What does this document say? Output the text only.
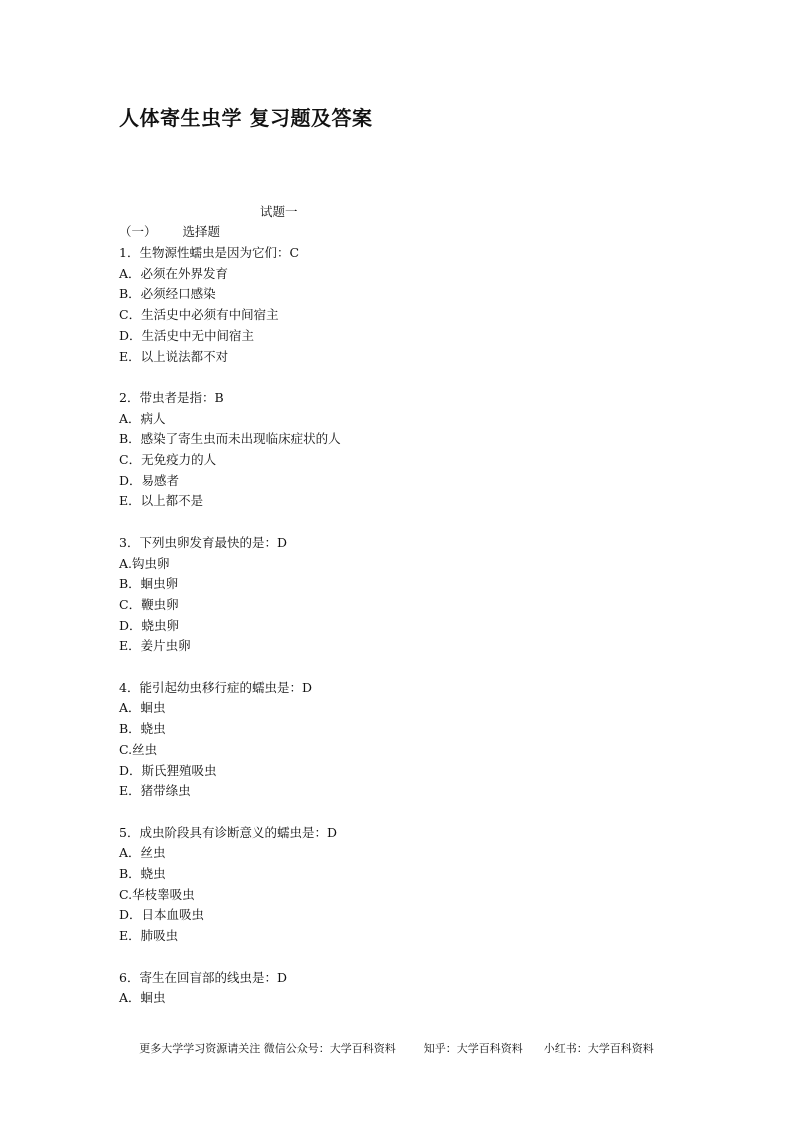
人体寄生虫学 复习题及答案
试题一
（一） 选择题
1．生物源性蠕虫是因为它们：C
A．必须在外界发育
B．必须经口感染
C．生活史中必须有中间宿主
D．生活史中无中间宿主
E．以上说法都不对
2．带虫者是指：B
A．病人
B．感染了寄生虫而未出现临床症状的人
C．无免疫力的人
D．易感者
E．以上都不是
3．下列虫卵发育最快的是：D
A.钩虫卵
B．蛔虫卵
C．鞭虫卵
D．蛲虫卵
E．姜片虫卵
4．能引起幼虫移行症的蠕虫是：D
A．蛔虫
B．蛲虫
C.丝虫
D．斯氏狸殖吸虫
E．猪带绦虫
5．成虫阶段具有诊断意义的蠕虫是：D
A．丝虫
B．蛲虫
C.华枝睾吸虫
D．日本血吸虫
E．肺吸虫
6．寄生在回盲部的线虫是：D
A．蛔虫
更多大学学习资源请关注 微信公众号：大学百科资料        知乎：大学百科资料      小红书：大学百科资料
